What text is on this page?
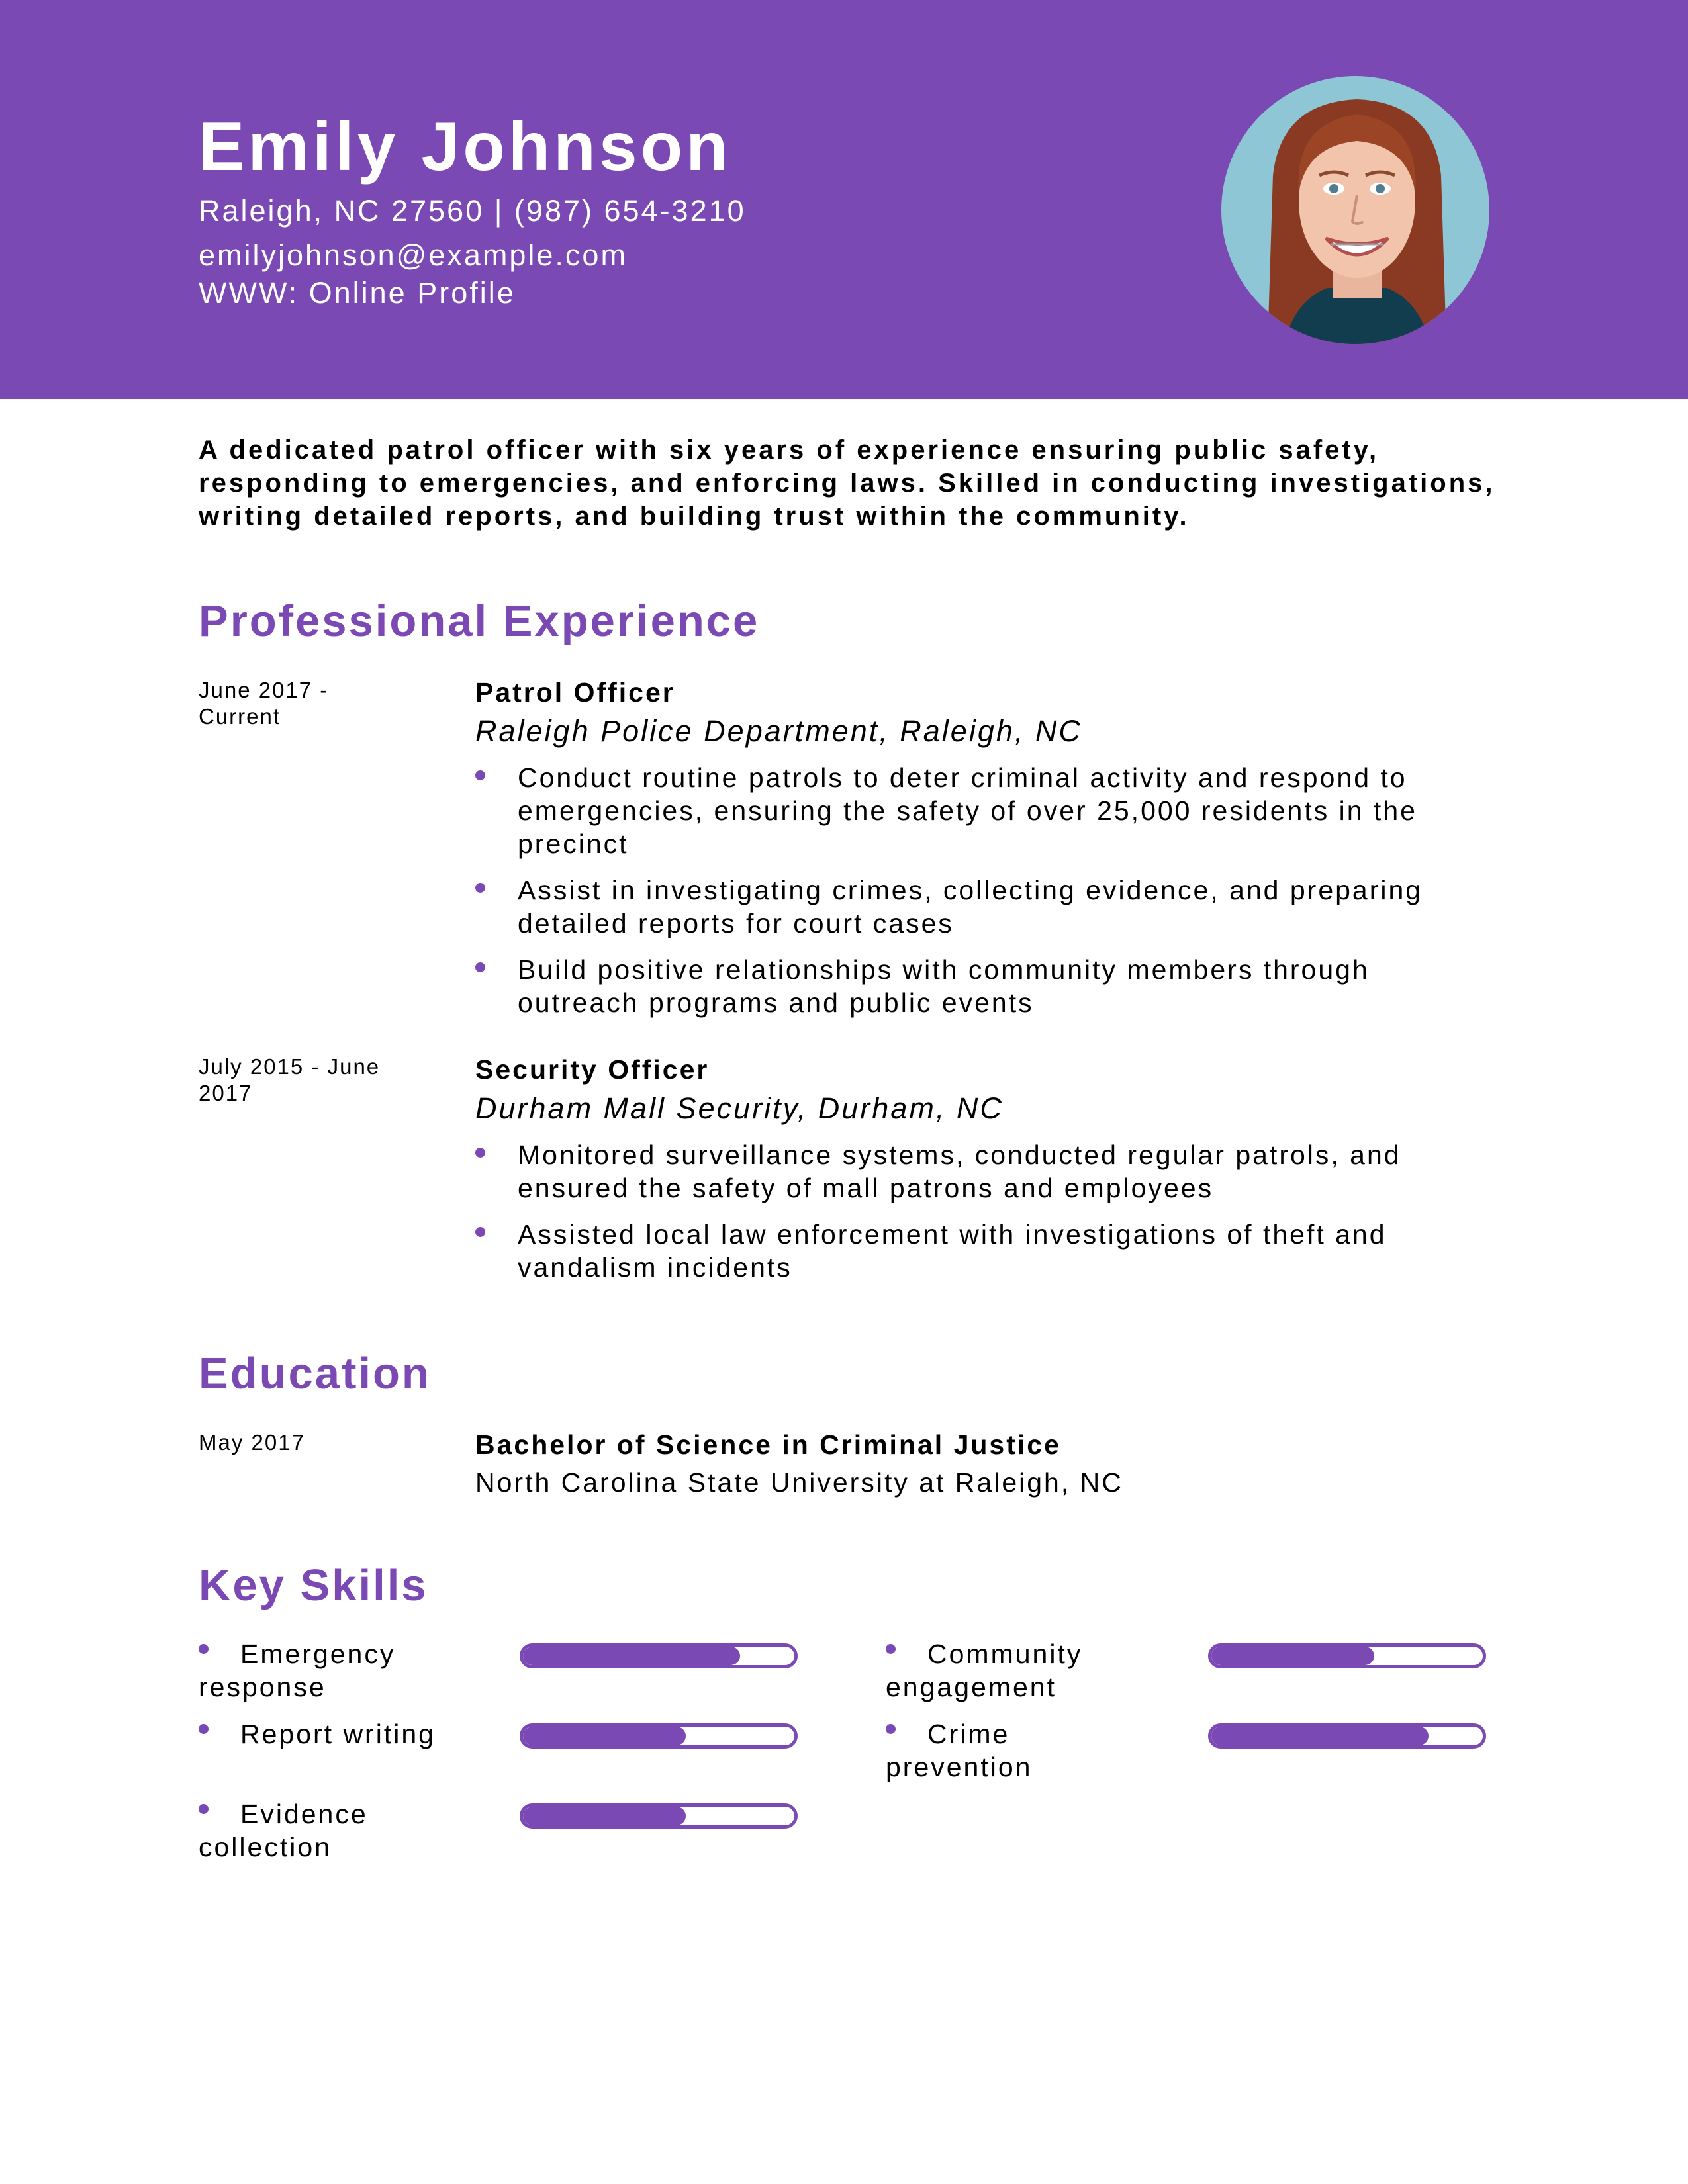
Emily Johnson
Raleigh, NC 27560 | (987) 654-3210
emilyjohnson@example.com
WWW: Online Profile
A dedicated patrol officer with six years of experience ensuring public safety, responding to emergencies, and enforcing laws. Skilled in conducting investigations, writing detailed reports, and building trust within the community.
Professional Experience
June 2017 - Current
Patrol Officer
Raleigh Police Department, Raleigh, NC
Conduct routine patrols to deter criminal activity and respond to emergencies, ensuring the safety of over 25,000 residents in the precinct
Assist in investigating crimes, collecting evidence, and preparing detailed reports for court cases
Build positive relationships with community members through outreach programs and public events
July 2015 - June 2017
Security Officer
Durham Mall Security, Durham, NC
Monitored surveillance systems, conducted regular patrols, and ensured the safety of mall patrons and employees
Assisted local law enforcement with investigations of theft and vandalism incidents
Education
May 2017	Bachelor of Science in Criminal Justice
North Carolina State University at Raleigh, NC
Key Skills
Emergency response
Report writing
Evidence collection
Community engagement
Crime prevention
